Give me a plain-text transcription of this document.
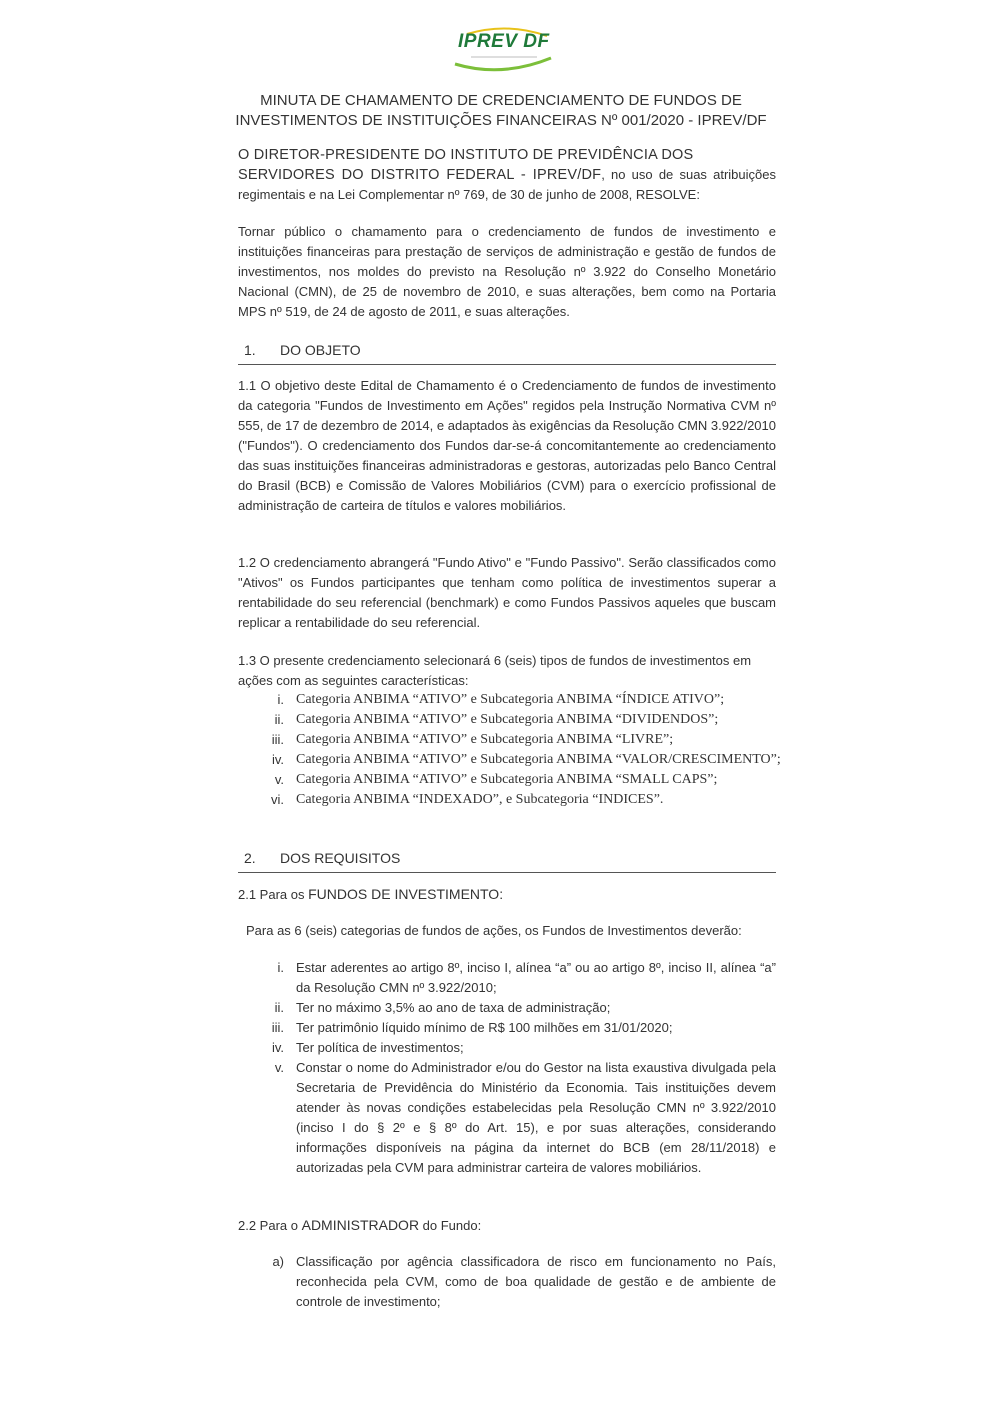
IPREV DF
MINUTA DE CHAMAMENTO DE CREDENCIAMENTO DE FUNDOS DE
INVESTIMENTOS DE INSTITUIÇÕES FINANCEIRAS Nº 001/2020 - IPREV/DF
O DIRETOR-PRESIDENTE DO INSTITUTO DE PREVIDÊNCIA DOS
SERVIDORES DO DISTRITO FEDERAL - IPREV/DF, no uso de suas atribuições regimentais e na Lei Complementar nº 769, de 30 de junho de 2008, RESOLVE:
Tornar público o chamamento para o credenciamento de fundos de investimento e instituições financeiras para prestação de serviços de administração e gestão de fundos de investimentos, nos moldes do previsto na Resolução nº 3.922 do Conselho Monetário Nacional (CMN), de 25 de novembro de 2010, e suas alterações, bem como na Portaria MPS nº 519, de 24 de agosto de 2011, e suas alterações.
1. DO OBJETO
1.1 O objetivo deste Edital de Chamamento é o Credenciamento de fundos de investimento da categoria "Fundos de Investimento em Ações" regidos pela Instrução Normativa CVM nº 555, de 17 de dezembro de 2014, e adaptados às exigências da Resolução CMN 3.922/2010 ("Fundos"). O credenciamento dos Fundos dar-se-á concomitantemente ao credenciamento das suas instituições financeiras administradoras e gestoras, autorizadas pelo Banco Central do Brasil (BCB) e Comissão de Valores Mobiliários (CVM) para o exercício profissional de administração de carteira de títulos e valores mobiliários.
1.2 O credenciamento abrangerá "Fundo Ativo" e "Fundo Passivo". Serão classificados como "Ativos" os Fundos participantes que tenham como política de investimentos superar a rentabilidade do seu referencial (benchmark) e como Fundos Passivos aqueles que buscam replicar a rentabilidade do seu referencial.
1.3 O presente credenciamento selecionará 6 (seis) tipos de fundos de investimentos em ações com as seguintes características:
i. Categoria ANBIMA “ATIVO” e Subcategoria ANBIMA “ÍNDICE ATIVO”;
ii. Categoria ANBIMA “ATIVO” e Subcategoria ANBIMA “DIVIDENDOS”;
iii. Categoria ANBIMA “ATIVO” e Subcategoria ANBIMA “LIVRE”;
iv. Categoria ANBIMA “ATIVO” e Subcategoria ANBIMA “VALOR/CRESCIMENTO”;
v. Categoria ANBIMA “ATIVO” e Subcategoria ANBIMA “SMALL CAPS”;
vi. Categoria ANBIMA “INDEXADO”, e Subcategoria “INDICES”.
2. DOS REQUISITOS
2.1 Para os FUNDOS DE INVESTIMENTO:
Para as 6 (seis) categorias de fundos de ações, os Fundos de Investimentos deverão:
i. Estar aderentes ao artigo 8º, inciso I, alínea “a” ou ao artigo 8º, inciso II, alínea “a” da Resolução CMN nº 3.922/2010;
ii. Ter no máximo 3,5% ao ano de taxa de administração;
iii. Ter patrimônio líquido mínimo de R$ 100 milhões em 31/01/2020;
iv. Ter política de investimentos;
v. Constar o nome do Administrador e/ou do Gestor na lista exaustiva divulgada pela Secretaria de Previdência do Ministério da Economia. Tais instituições devem atender às novas condições estabelecidas pela Resolução CMN nº 3.922/2010 (inciso I do § 2º e § 8º do Art. 15), e por suas alterações, considerando informações disponíveis na página da internet do BCB (em 28/11/2018) e autorizadas pela CVM para administrar carteira de valores mobiliários.
2.2 Para o ADMINISTRADOR do Fundo:
a) Classificação por agência classificadora de risco em funcionamento no País, reconhecida pela CVM, como de boa qualidade de gestão e de ambiente de controle de investimento;
